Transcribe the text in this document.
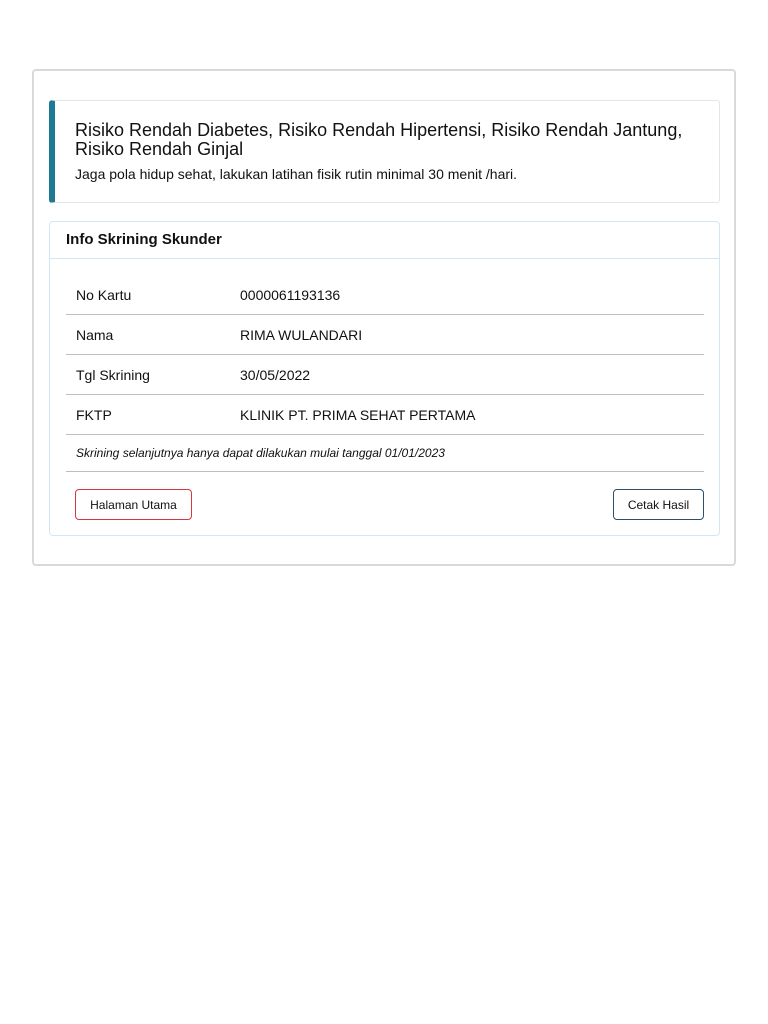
Risiko Rendah Diabetes, Risiko Rendah Hipertensi, Risiko Rendah Jantung, Risiko Rendah Ginjal
Jaga pola hidup sehat, lakukan latihan fisik rutin minimal 30 menit /hari.
Info Skrining Skunder
No Kartu	0000061193136
Nama	RIMA WULANDARI
Tgl Skrining	30/05/2022
FKTP	KLINIK PT. PRIMA SEHAT PERTAMA
Skrining selanjutnya hanya dapat dilakukan mulai tanggal 01/01/2023
Halaman Utama	Cetak Hasil
